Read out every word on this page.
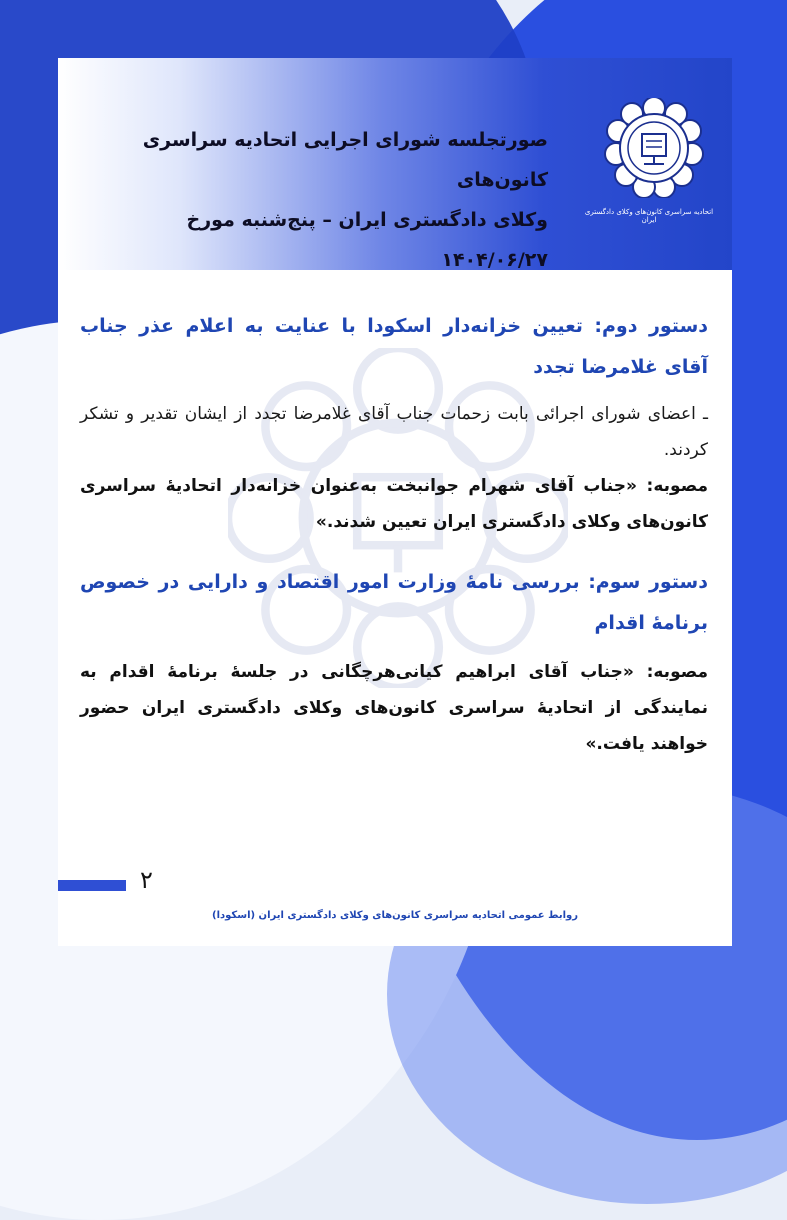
صورتجلسه شورای اجرایی اتحادیه سراسری کانون‌های
وکلای دادگستری ایران – پنج‌شنبه مورخ ۱۴۰۴/۰۶/۲۷
اتحادیه سراسری کانون‌های وکلای دادگستری ایران

دستور دوم: تعیین خزانه‌دار اسکودا با عنایت به اعلام عذر جناب آقای غلامرضا تجدد

ـ اعضای شورای اجرائی بابت زحمات جناب آقای غلامرضا تجدد از ایشان تقدیر و تشکر کردند.

مصوبه: «جناب آقای شهرام جوانبخت به‌عنوان خزانه‌دار اتحادیهٔ سراسری کانون‌های وکلای دادگستری ایران تعیین شدند.»

دستور سوم: بررسی نامهٔ وزارت امور اقتصاد و دارایی در خصوص برنامهٔ اقدام

مصوبه: «جناب آقای ابراهیم کیانی‌هرچگانی در جلسهٔ برنامهٔ اقدام به نمایندگی از اتحادیهٔ سراسری کانون‌های وکلای دادگستری ایران حضور خواهند یافت.»

۲
روابط عمومی اتحادیه سراسری کانون‌های وکلای دادگستری ایران (اسکودا)
